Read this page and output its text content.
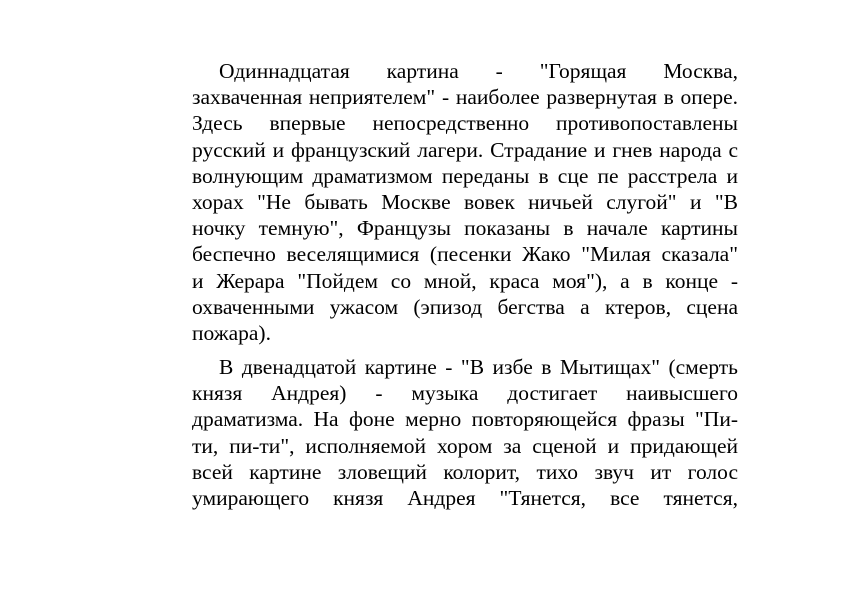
Одиннадцатая картина - "Горящая Москва,
захваченная неприятелем" - наиболее развернутая в опере.
Здесь впервые непосредственно противопоставлены
русский и французский лагери. Страдание и гнев народа с
волнующим драматизмом переданы в сце пе расстрела и
хорах "Не бывать Москве вовек ничьей слугой" и "В
ночку темную", Французы показаны в начале картины
беспечно веселящимися (песенки Жако "Милая сказала"
и Жерара "Пойдем со мной, краса моя"), а в конце -
охваченными ужасом (эпизод бегства а ктеров, сцена
пожара).
В двенадцатой картине - "В избе в Мытищах" (смерть
князя Андрея) - музыка достигает наивысшего
драматизма. На фоне мерно повторяющейся фразы "Пи-
ти, пи-ти", исполняемой хором за сценой и придающей
всей картине зловещий колорит, тихо звуч ит голос
умирающего князя Андрея "Тянется, все тянется,
